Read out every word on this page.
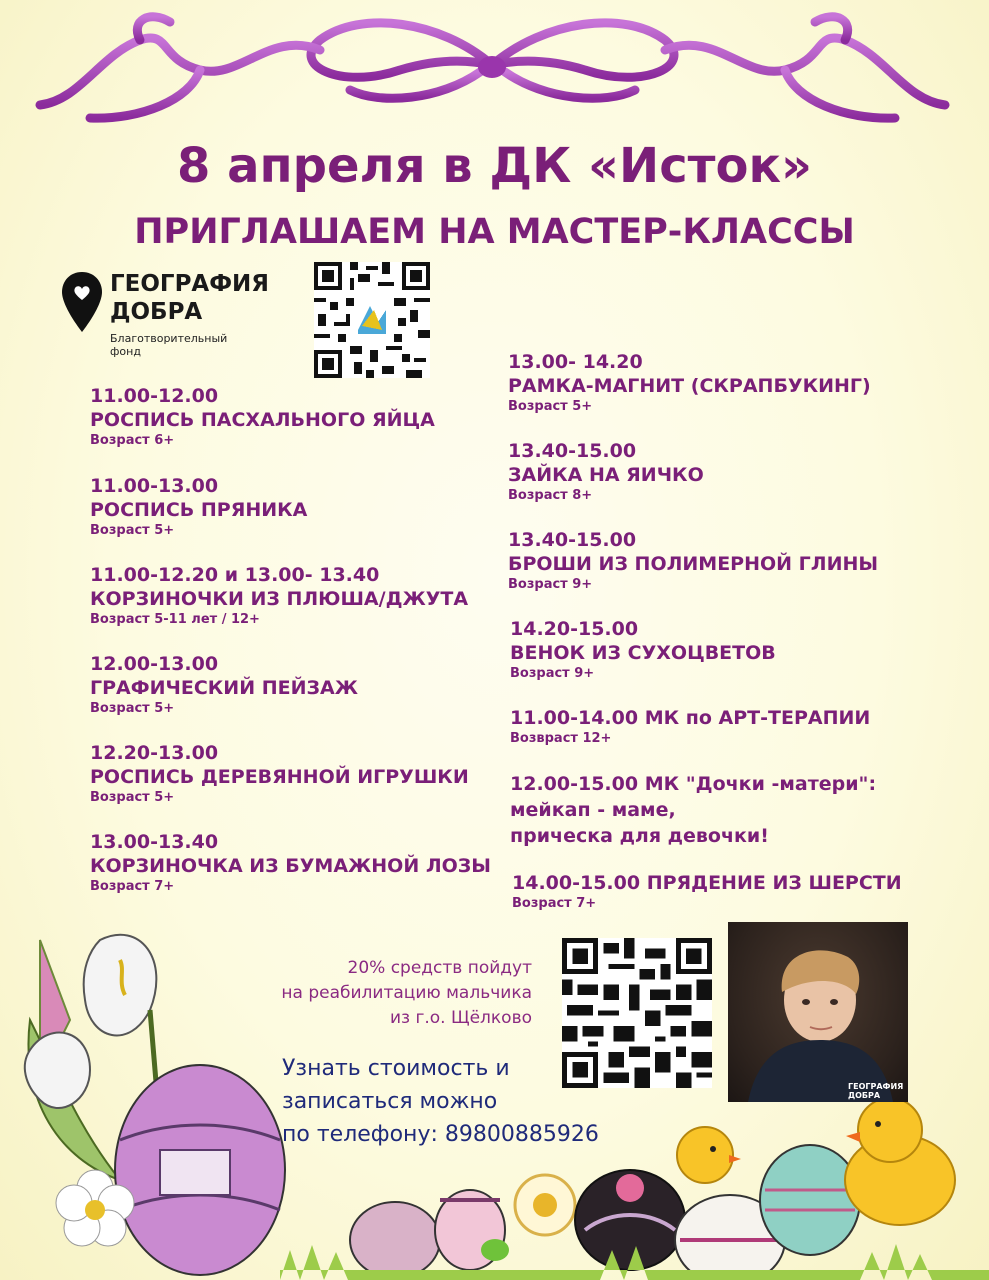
8 апреля в ДК «Исток»
ПРИГЛАШАЕМ НА МАСТЕР-КЛАССЫ
ГЕОГРАФИЯ
ДОБРА
Благотворительный
фонд
11.00-12.00
РОСПИСЬ ПАСХАЛЬНОГО ЯЙЦА
Возраст 6+
11.00-13.00
РОСПИСЬ ПРЯНИКА
Возраст 5+
11.00-12.20 и 13.00- 13.40
КОРЗИНОЧКИ ИЗ ПЛЮША/ДЖУТА
Возраст 5-11 лет / 12+
12.00-13.00
ГРАФИЧЕСКИЙ ПЕЙЗАЖ
Возраст 5+
12.20-13.00
РОСПИСЬ ДЕРЕВЯННОЙ ИГРУШКИ
Возраст 5+
13.00-13.40
КОРЗИНОЧКА ИЗ БУМАЖНОЙ ЛОЗЫ
Возраст 7+
13.00- 14.20
РАМКА-МАГНИТ (СКРАПБУКИНГ)
Возраст 5+
13.40-15.00
ЗАЙКА НА ЯИЧКО
Возраст 8+
13.40-15.00
БРОШИ ИЗ ПОЛИМЕРНОЙ ГЛИНЫ
Возраст 9+
14.20-15.00
ВЕНОК ИЗ СУХОЦВЕТОВ
Возраст 9+
11.00-14.00 МК по АРТ-ТЕРАПИИ
Возвраст 12+
12.00-15.00 МК "Дочки -матери":
мейкап - маме,
прическа для девочки!
14.00-15.00 ПРЯДЕНИЕ ИЗ ШЕРСТИ
Возраст 7+
20% средств пойдут
на реабилитацию мальчика
из г.о. Щёлково
ГЕОГРАФИЯ
ДОБРА
Узнать стоимость и
записаться можно
по телефону: 89800885926
